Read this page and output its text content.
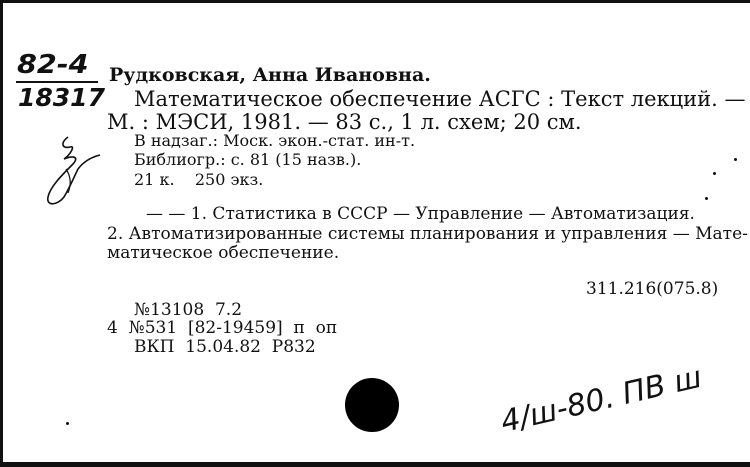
82-4
18317
Рудковская, Анна Ивановна.
Математическое обеспечение АСГС : Текст лекций. —
М. : МЭСИ, 1981. — 83 с., 1 л. схем; 20 см.
В надзаг.: Моск. экон.-стат. ин-т.
Библиогр.: с. 81 (15 назв.).
21 к.    250 экз.
— — 1. Статистика в СССР — Управление — Автоматизация.
2. Автоматизированные системы планирования и управления — Мате-
матическое обеспечение.
311.216(075.8)
№13108  7.2
4  №531  [82-19459]  п  оп
ВКП  15.04.82  Р832
4/ш-80. ПВ ш
